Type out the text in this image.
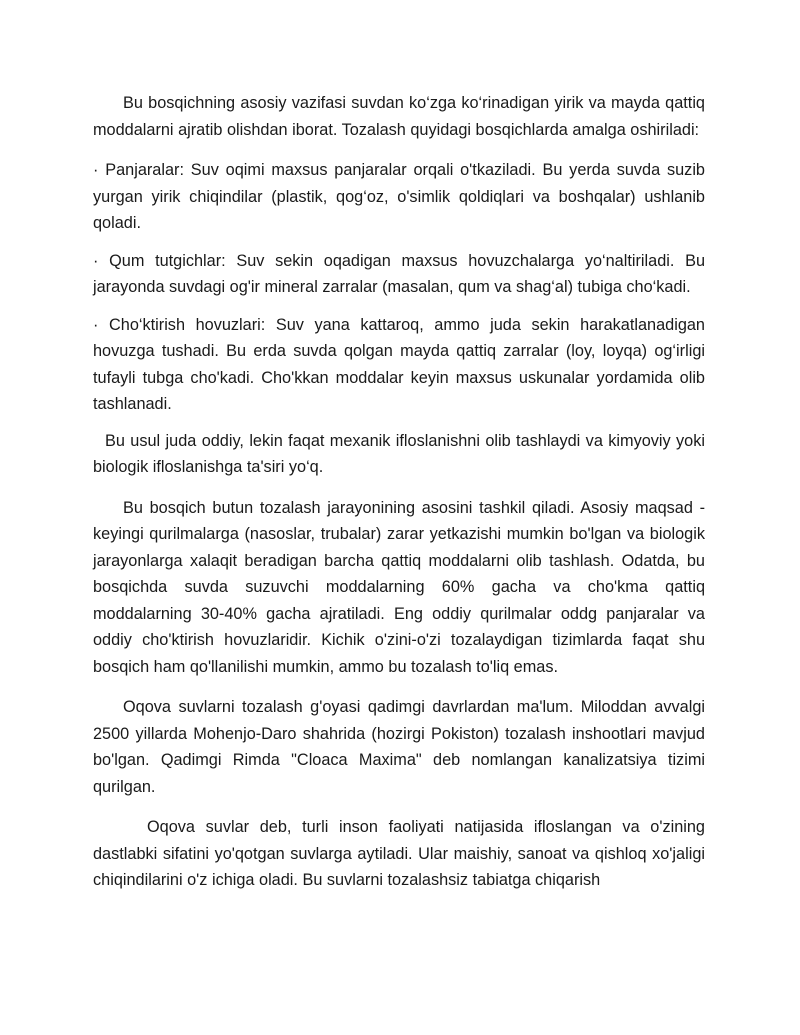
Bu bosqichning asosiy vazifasi suvdan ko‘zga ko‘rinadigan yirik va mayda qattiq moddalarni ajratib olishdan iborat. Tozalash quyidagi bosqichlarda amalga oshiriladi:

· Panjaralar: Suv oqimi maxsus panjaralar orqali o'tkaziladi. Bu yerda suvda suzib yurgan yirik chiqindilar (plastik, qog‘oz, o'simlik qoldiqlari va boshqalar) ushlanib qoladi.

· Qum tutgichlar: Suv sekin oqadigan maxsus hovuzchalarga yo‘naltiriladi. Bu jarayonda suvdagi og'ir mineral zarralar (masalan, qum va shag‘al) tubiga cho‘kadi.

· Cho‘ktirish hovuzlari: Suv yana kattaroq, ammo juda sekin harakatlanadigan hovuzga tushadi. Bu erda suvda qolgan mayda qattiq zarralar (loy, loyqa) og‘irligi tufayli tubga cho'kadi. Cho'kkan moddalar keyin maxsus uskunalar yordamida olib tashlanadi.

Bu usul juda oddiy, lekin faqat mexanik ifloslanishni olib tashlaydi va kimyoviy yoki biologik ifloslanishga ta'siri yo‘q.

Bu bosqich butun tozalash jarayonining asosini tashkil qiladi. Asosiy maqsad - keyingi qurilmalarga (nasoslar, trubalar) zarar yetkazishi mumkin bo'lgan va biologik jarayonlarga xalaqit beradigan barcha qattiq moddalarni olib tashlash. Odatda, bu bosqichda suvda suzuvchi moddalarning 60% gacha va cho'kma qattiq moddalarning 30-40% gacha ajratiladi. Eng oddiy qurilmalar oddg panjaralar va oddiy cho'ktirish hovuzlaridir. Kichik o'zini-o'zi tozalaydigan tizimlarda faqat shu bosqich ham qo'llanilishi mumkin, ammo bu tozalash to'liq emas.

Oqova suvlarni tozalash g'oyasi qadimgi davrlardan ma'lum. Miloddan avvalgi 2500 yillarda Mohenjo-Daro shahrida (hozirgi Pokiston) tozalash inshootlari mavjud bo'lgan. Qadimgi Rimda "Cloaca Maxima" deb nomlangan kanalizatsiya tizimi qurilgan.

Oqova suvlar deb, turli inson faoliyati natijasida ifloslangan va o'zining dastlabki sifatini yo'qotgan suvlarga aytiladi. Ular maishiy, sanoat va qishloq xo'jaligi chiqindilarini o'z ichiga oladi. Bu suvlarni tozalashsiz tabiatga chiqarish
